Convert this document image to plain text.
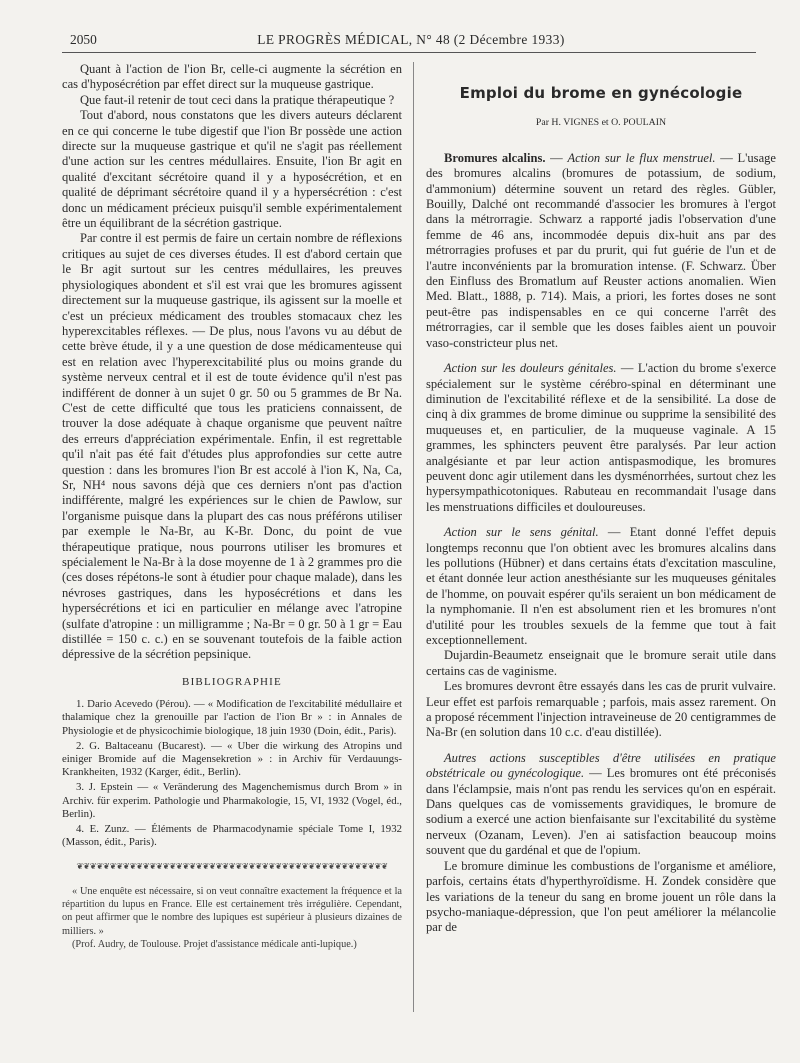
2050	LE PROGRÈS MÉDICAL, N° 48 (2 Décembre 1933)

Quant à l'action de l'ion Br, celle-ci augmente la sécrétion en cas d'hyposécrétion par effet direct sur la muqueuse gastrique.

Que faut-il retenir de tout ceci dans la pratique thérapeutique ?

Tout d'abord, nous constatons que les divers auteurs déclarent en ce qui concerne le tube digestif que l'ion Br possède une action directe sur la muqueuse gastrique et qu'il ne s'agit pas réellement d'une action sur les centres médullaires. Ensuite, l'ion Br agit en qualité d'excitant sécrétoire quand il y a hyposécrétion, et en qualité de déprimant sécrétoire quand il y a hypersécrétion : c'est donc un médicament précieux puisqu'il semble expérimentalement être un équilibrant de la sécrétion gastrique.

Par contre il est permis de faire un certain nombre de réflexions critiques au sujet de ces diverses études. Il est d'abord certain que le Br agit surtout sur les centres médullaires, les preuves physiologiques abondent et s'il est vrai que les bromures agissent directement sur la muqueuse gastrique, ils agissent sur la moelle et c'est un précieux médicament des troubles stomacaux chez les hyperexcitables réflexes. — De plus, nous l'avons vu au début de cette brève étude, il y a une question de dose médicamenteuse qui est en relation avec l'hyperexcitabilité plus ou moins grande du système nerveux central et il est de toute évidence qu'il n'est pas indifférent de donner à un sujet 0 gr. 50 ou 5 grammes de Br Na. C'est de cette difficulté que tous les praticiens connaissent, de trouver la dose adéquate à chaque organisme que peuvent naître des erreurs d'appréciation expérimentale. Enfin, il est regrettable qu'il n'ait pas été fait d'études plus approfondies sur cette autre question : dans les bromures l'ion Br est accolé à l'ion K, Na, Ca, Sr, NH⁴ nous savons déjà que ces derniers n'ont pas d'action indifférente, malgré les expériences sur le chien de Pawlow, sur l'organisme puisque dans la plupart des cas nous préférons utiliser par exemple le Na-Br, au K-Br. Donc, du point de vue thérapeutique pratique, nous pourrons utiliser les bromures et spécialement le Na-Br à la dose moyenne de 1 à 2 grammes pro die (ces doses répétons-le sont à étudier pour chaque malade), dans les névroses gastriques, dans les hyposécrétions et dans les hypersécrétions et ici en particulier en mélange avec l'atropine (sulfate d'atropine : un milligramme ; Na-Br = 0 gr. 50 à 1 gr = Eau distillée = 150 c. c.) en se souvenant toutefois de la faible action dépressive de la sécrétion pepsinique.

BIBLIOGRAPHIE

1. Dario Acevedo (Pérou). — « Modification de l'excitabilité médullaire et thalamique chez la grenouille par l'action de l'ion Br » : in Annales de Physiologie et de physicochimie biologique, 18 juin 1930 (Doin, édit., Paris).

2. G. Baltaceanu (Bucarest). — « Uber die wirkung des Atropins und einiger Bromide auf die Magensekretion » : in Archiv für Verdauungs-Krankheiten, 1932 (Karger, édit., Berlin).

3. J. Epstein — « Veränderung des Magenchemismus durch Brom » in Archiv. für experim. Pathologie und Pharmakologie, 15, VI, 1932 (Vogel, éd., Berlin).

4. E. Zunz. — Éléments de Pharmacodynamie spéciale Tome I, 1932 (Masson, édit., Paris).

❦❦❦❦❦❦❦❦❦❦❦❦❦❦❦❦❦❦❦❦❦❦❦❦❦❦❦❦❦❦❦❦❦❦❦❦❦❦❦❦❦❦❦❦❦❦❦

« Une enquête est nécessaire, si on veut connaître exactement la fréquence et la répartition du lupus en France. Elle est certainement très irrégulière. Cependant, on peut affirmer que le nombre des lupiques est supérieur à plusieurs dizaines de milliers. »

(Prof. Audry, de Toulouse. Projet d'assistance médicale anti-lupique.)

Emploi du brome en gynécologie
Par H. VIGNES et O. POULAIN

Bromures alcalins. — Action sur le flux menstruel. — L'usage des bromures alcalins (bromures de potassium, de sodium, d'ammonium) détermine souvent un retard des règles. Gübler, Bouilly, Dalché ont recommandé d'associer les bromures à l'ergot dans la métrorragie. Schwarz a rapporté jadis l'observation d'une femme de 46 ans, incommodée depuis dix-huit ans par des métrorragies profuses et par du prurit, qui fut guérie de l'un et de l'autre inconvénients par la bromuration intense. (F. Schwarz. Über den Einfluss des Bromatlum auf Reuster actions anomalien. Wien Med. Blatt., 1888, p. 714). Mais, a priori, les fortes doses ne sont peut-être pas indispensables en ce qui concerne l'arrêt des métrorragies, car il semble que les doses faibles aient un pouvoir vaso-constricteur plus net.

Action sur les douleurs génitales. — L'action du brome s'exerce spécialement sur le système cérébro-spinal en déterminant une diminution de l'excitabilité réflexe et de la sensibilité. La dose de cinq à dix grammes de brome diminue ou supprime la sensibilité des muqueuses et, en particulier, de la muqueuse vaginale. A 15 grammes, les sphincters peuvent être paralysés. Par leur action analgésiante et par leur action antispasmodique, les bromures peuvent donc agir utilement dans les dysménorrhées, surtout chez les hypersympathicotoniques. Rabuteau en recommandait l'usage dans les menstruations difficiles et douloureuses.

Action sur le sens génital. — Etant donné l'effet depuis longtemps reconnu que l'on obtient avec les bromures alcalins dans les pollutions (Hübner) et dans certains états d'excitation masculine, et étant donnée leur action anesthésiante sur les muqueuses génitales de l'homme, on pouvait espérer qu'ils seraient un bon médicament de la nymphomanie. Il n'en est absolument rien et les bromures n'ont d'utilité pour les troubles sexuels de la femme que tout à fait exceptionnellement.

Dujardin-Beaumetz enseignait que le bromure serait utile dans certains cas de vaginisme.

Les bromures devront être essayés dans les cas de prurit vulvaire. Leur effet est parfois remarquable ; parfois, mais assez rarement. On a proposé récemment l'injection intraveineuse de 20 centigrammes de Na-Br (en solution dans 10 c.c. d'eau distillée).

Autres actions susceptibles d'être utilisées en pratique obstétricale ou gynécologique. — Les bromures ont été préconisés dans l'éclampsie, mais n'ont pas rendu les services qu'on en espérait. Dans quelques cas de vomissements gravidiques, le bromure de sodium a exercé une action bienfaisante sur l'excitabilité du système nerveux (Ozanam, Leven). J'en ai satisfaction beaucoup moins souvent que du gardénal et que de l'opium.

Le bromure diminue les combustions de l'organisme et améliore, parfois, certains états d'hyperthyroïdisme. H. Zondek considère que les variations de la teneur du sang en brome jouent un rôle dans la psycho-maniaque-dépression, que l'on peut améliorer la mélancolie par de
